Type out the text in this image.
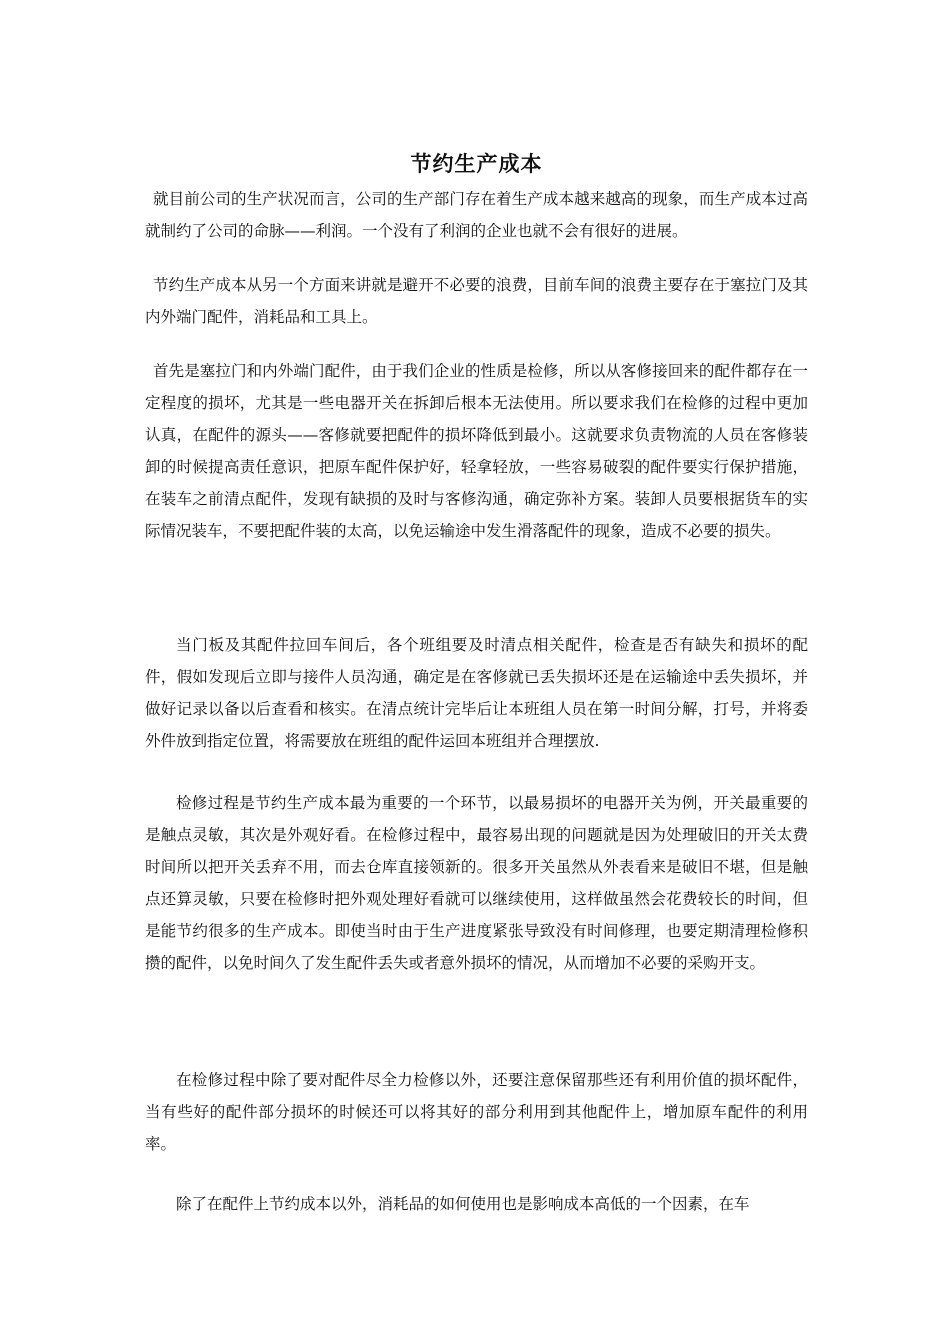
节约生产成本

就目前公司的生产状况而言，公司的生产部门存在着生产成本越来越高的现象，而生产成本过高就制约了公司的命脉——利润。一个没有了利润的企业也就不会有很好的进展。

节约生产成本从另一个方面来讲就是避开不必要的浪费，目前车间的浪费主要存在于塞拉门及其内外端门配件，消耗品和工具上。

首先是塞拉门和内外端门配件，由于我们企业的性质是检修，所以从客修接回来的配件都存在一定程度的损坏，尤其是一些电器开关在拆卸后根本无法使用。所以要求我们在检修的过程中更加认真，在配件的源头——客修就要把配件的损坏降低到最小。这就要求负责物流的人员在客修装卸的时候提高责任意识，把原车配件保护好，轻拿轻放，一些容易破裂的配件要实行保护措施，在装车之前清点配件，发现有缺损的及时与客修沟通，确定弥补方案。装卸人员要根据货车的实际情况装车，不要把配件装的太高，以免运输途中发生滑落配件的现象，造成不必要的损失。

当门板及其配件拉回车间后，各个班组要及时清点相关配件，检查是否有缺失和损坏的配件，假如发现后立即与接件人员沟通，确定是在客修就已丢失损坏还是在运输途中丢失损坏，并做好记录以备以后查看和核实。在清点统计完毕后让本班组人员在第一时间分解，打号，并将委外件放到指定位置，将需要放在班组的配件运回本班组并合理摆放.

检修过程是节约生产成本最为重要的一个环节，以最易损坏的电器开关为例，开关最重要的是触点灵敏，其次是外观好看。在检修过程中，最容易出现的问题就是因为处理破旧的开关太费时间所以把开关丢弃不用，而去仓库直接领新的。很多开关虽然从外表看来是破旧不堪，但是触点还算灵敏，只要在检修时把外观处理好看就可以继续使用，这样做虽然会花费较长的时间，但是能节约很多的生产成本。即使当时由于生产进度紧张导致没有时间修理，也要定期清理检修积攒的配件，以免时间久了发生配件丢失或者意外损坏的情况，从而增加不必要的采购开支。

在检修过程中除了要对配件尽全力检修以外，还要注意保留那些还有利用价值的损坏配件，当有些好的配件部分损坏的时候还可以将其好的部分利用到其他配件上，增加原车配件的利用率。

除了在配件上节约成本以外，消耗品的如何使用也是影响成本高低的一个因素，在车
